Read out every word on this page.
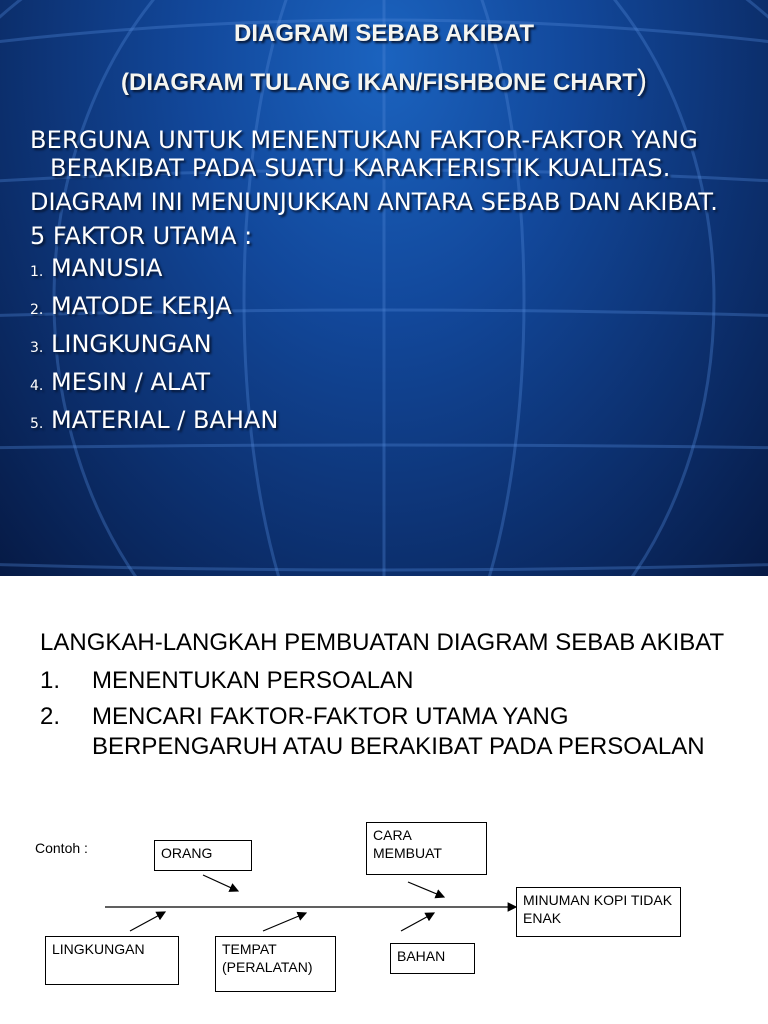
DIAGRAM SEBAB AKIBAT
(DIAGRAM TULANG IKAN/FISHBONE CHART)
BERGUNA UNTUK MENENTUKAN FAKTOR-FAKTOR YANG BERAKIBAT PADA SUATU KARAKTERISTIK KUALITAS.
DIAGRAM INI MENUNJUKKAN ANTARA SEBAB DAN AKIBAT.
5 FAKTOR UTAMA :
1. MANUSIA
2. MATODE KERJA
3. LINGKUNGAN
4. MESIN / ALAT
5. MATERIAL / BAHAN
LANGKAH-LANGKAH PEMBUATAN DIAGRAM SEBAB AKIBAT
1.	MENENTUKAN PERSOALAN
2.	MENCARI FAKTOR-FAKTOR UTAMA YANG BERPENGARUH ATAU BERAKIBAT PADA PERSOALAN
Contoh :	ORANG
CARA MEMBUAT
MINUMAN KOPI TIDAK ENAK
LINGKUNGAN	TEMPAT (PERALATAN)
BAHAN
